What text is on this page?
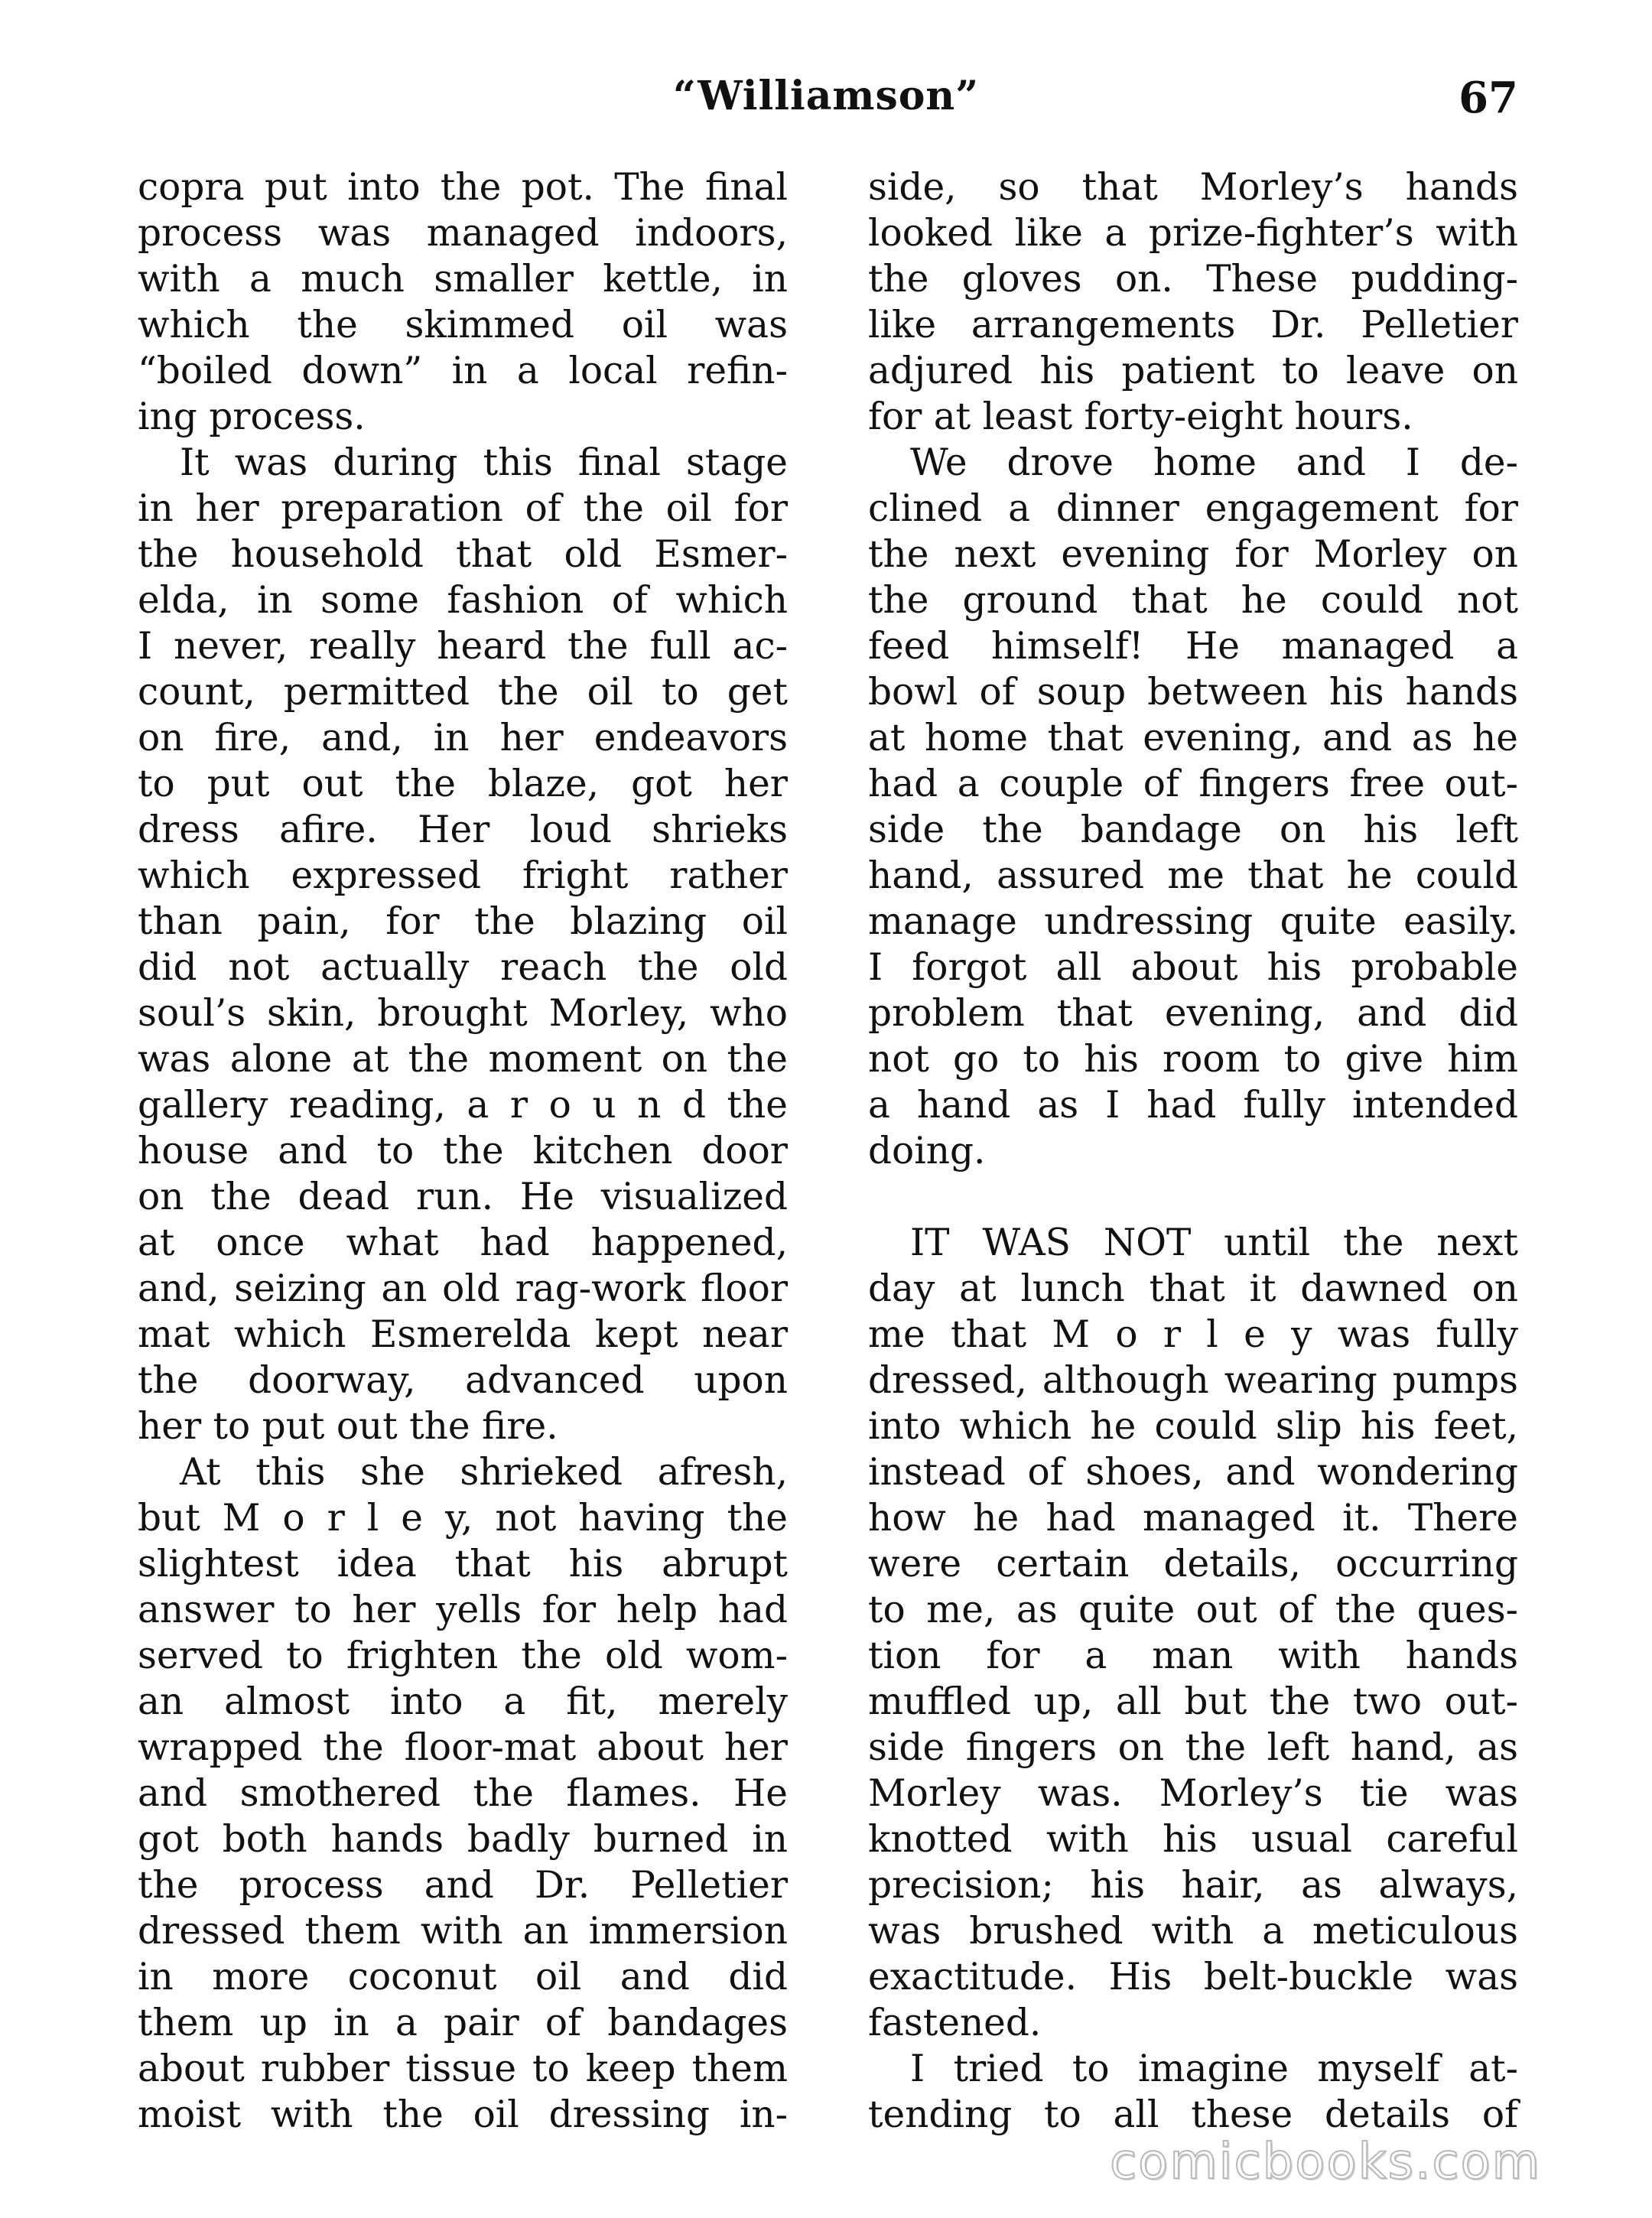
“Williamson”	67
copra put into the pot. The final
process was managed indoors,
with a much smaller kettle, in
which the skimmed oil was
“boiled down” in a local refin-
ing process.
It was during this final stage
in her preparation of the oil for
the household that old Esmer-
elda, in some fashion of which
I never, really heard the full ac-
count, permitted the oil to get
on fire, and, in her endeavors
to put out the blaze, got her
dress afire. Her loud shrieks
which expressed fright rather
than pain, for the blazing oil
did not actually reach the old
soul’s skin, brought Morley, who
was alone at the moment on the
gallery reading, a r o u n d the
house and to the kitchen door
on the dead run. He visualized
at once what had happened,
and, seizing an old rag-work floor
mat which Esmerelda kept near
the doorway, advanced upon
her to put out the fire.
At this she shrieked afresh,
but M o r l e y, not having the
slightest idea that his abrupt
answer to her yells for help had
served to frighten the old wom-
an almost into a fit, merely
wrapped the floor-mat about her
and smothered the flames. He
got both hands badly burned in
the process and Dr. Pelletier
dressed them with an immersion
in more coconut oil and did
them up in a pair of bandages
about rubber tissue to keep them
moist with the oil dressing in-
side, so that Morley’s hands
looked like a prize-fighter’s with
the gloves on. These pudding-
like arrangements Dr. Pelletier
adjured his patient to leave on
for at least forty-eight hours.
We drove home and I de-
clined a dinner engagement for
the next evening for Morley on
the ground that he could not
feed himself! He managed a
bowl of soup between his hands
at home that evening, and as he
had a couple of fingers free out-
side the bandage on his left
hand, assured me that he could
manage undressing quite easily.
I forgot all about his probable
problem that evening, and did
not go to his room to give him
a hand as I had fully intended
doing.
IT WAS NOT until the next
day at lunch that it dawned on
me that M o r l e y was fully
dressed, although wearing pumps
into which he could slip his feet,
instead of shoes, and wondering
how he had managed it. There
were certain details, occurring
to me, as quite out of the ques-
tion for a man with hands
muffled up, all but the two out-
side fingers on the left hand, as
Morley was. Morley’s tie was
knotted with his usual careful
precision; his hair, as always,
was brushed with a meticulous
exactitude. His belt-buckle was
fastened.
I tried to imagine myself at-
tending to all these details of
comicbooks.com
